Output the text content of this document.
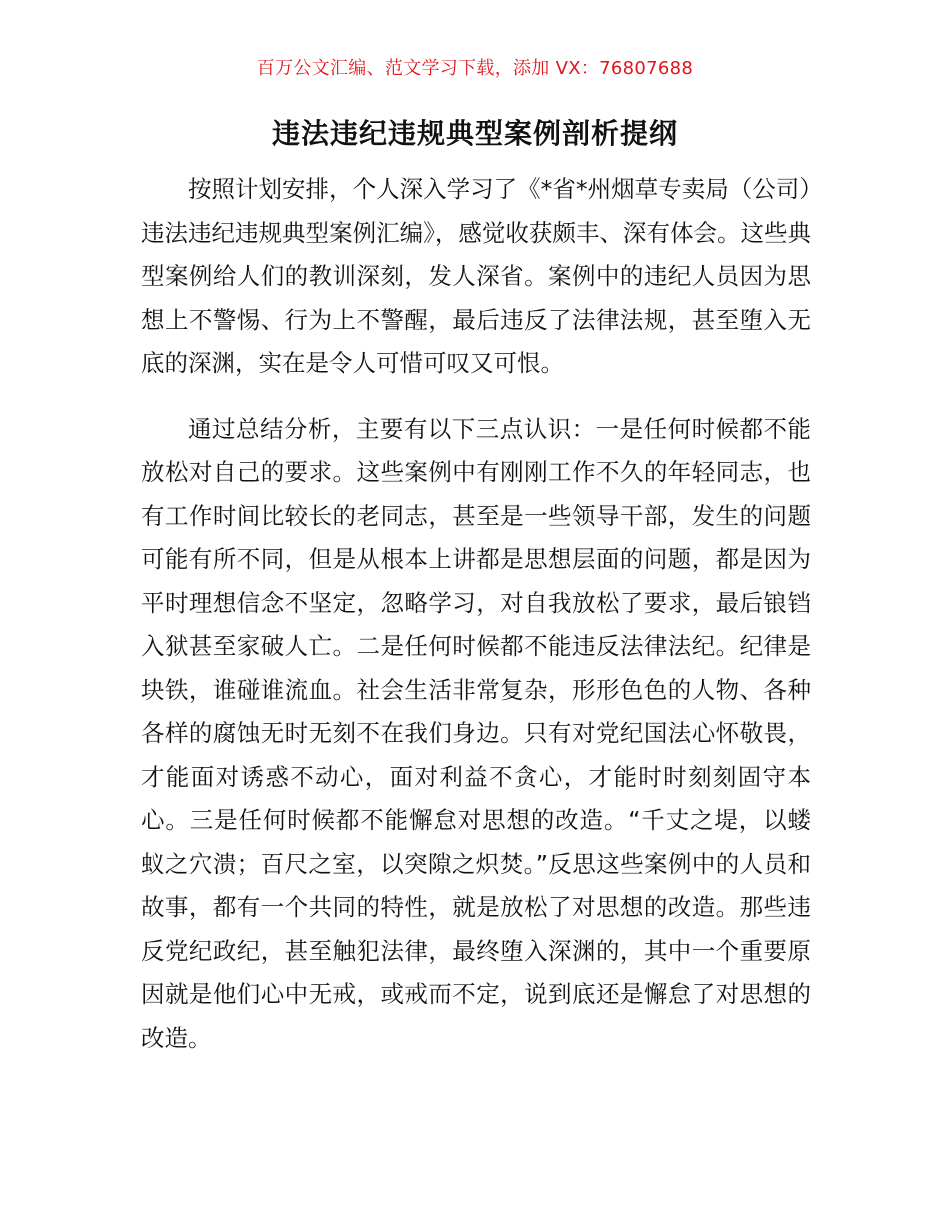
百万公文汇编、范文学习下载，添加 VX：76807688
违法违纪违规典型案例剖析提纲

按照计划安排，个人深入学习了《*省*州烟草专卖局（公司）违法违纪违规典型案例汇编》，感觉收获颇丰、深有体会。这些典型案例给人们的教训深刻，发人深省。案例中的违纪人员因为思想上不警惕、行为上不警醒，最后违反了法律法规，甚至堕入无底的深渊，实在是令人可惜可叹又可恨。

通过总结分析，主要有以下三点认识：一是任何时候都不能放松对自己的要求。这些案例中有刚刚工作不久的年轻同志，也有工作时间比较长的老同志，甚至是一些领导干部，发生的问题可能有所不同，但是从根本上讲都是思想层面的问题，都是因为平时理想信念不坚定，忽略学习，对自我放松了要求，最后锒铛入狱甚至家破人亡。二是任何时候都不能违反法律法纪。纪律是块铁，谁碰谁流血。社会生活非常复杂，形形色色的人物、各种各样的腐蚀无时无刻不在我们身边。只有对党纪国法心怀敬畏，才能面对诱惑不动心，面对利益不贪心，才能时时刻刻固守本心。三是任何时候都不能懈怠对思想的改造。“千丈之堤，以蝼蚁之穴溃；百尺之室，以突隙之炽焚。”反思这些案例中的人员和故事，都有一个共同的特性，就是放松了对思想的改造。那些违反党纪政纪，甚至触犯法律，最终堕入深渊的，其中一个重要原因就是他们心中无戒，或戒而不定，说到底还是懈怠了对思想的改造。
